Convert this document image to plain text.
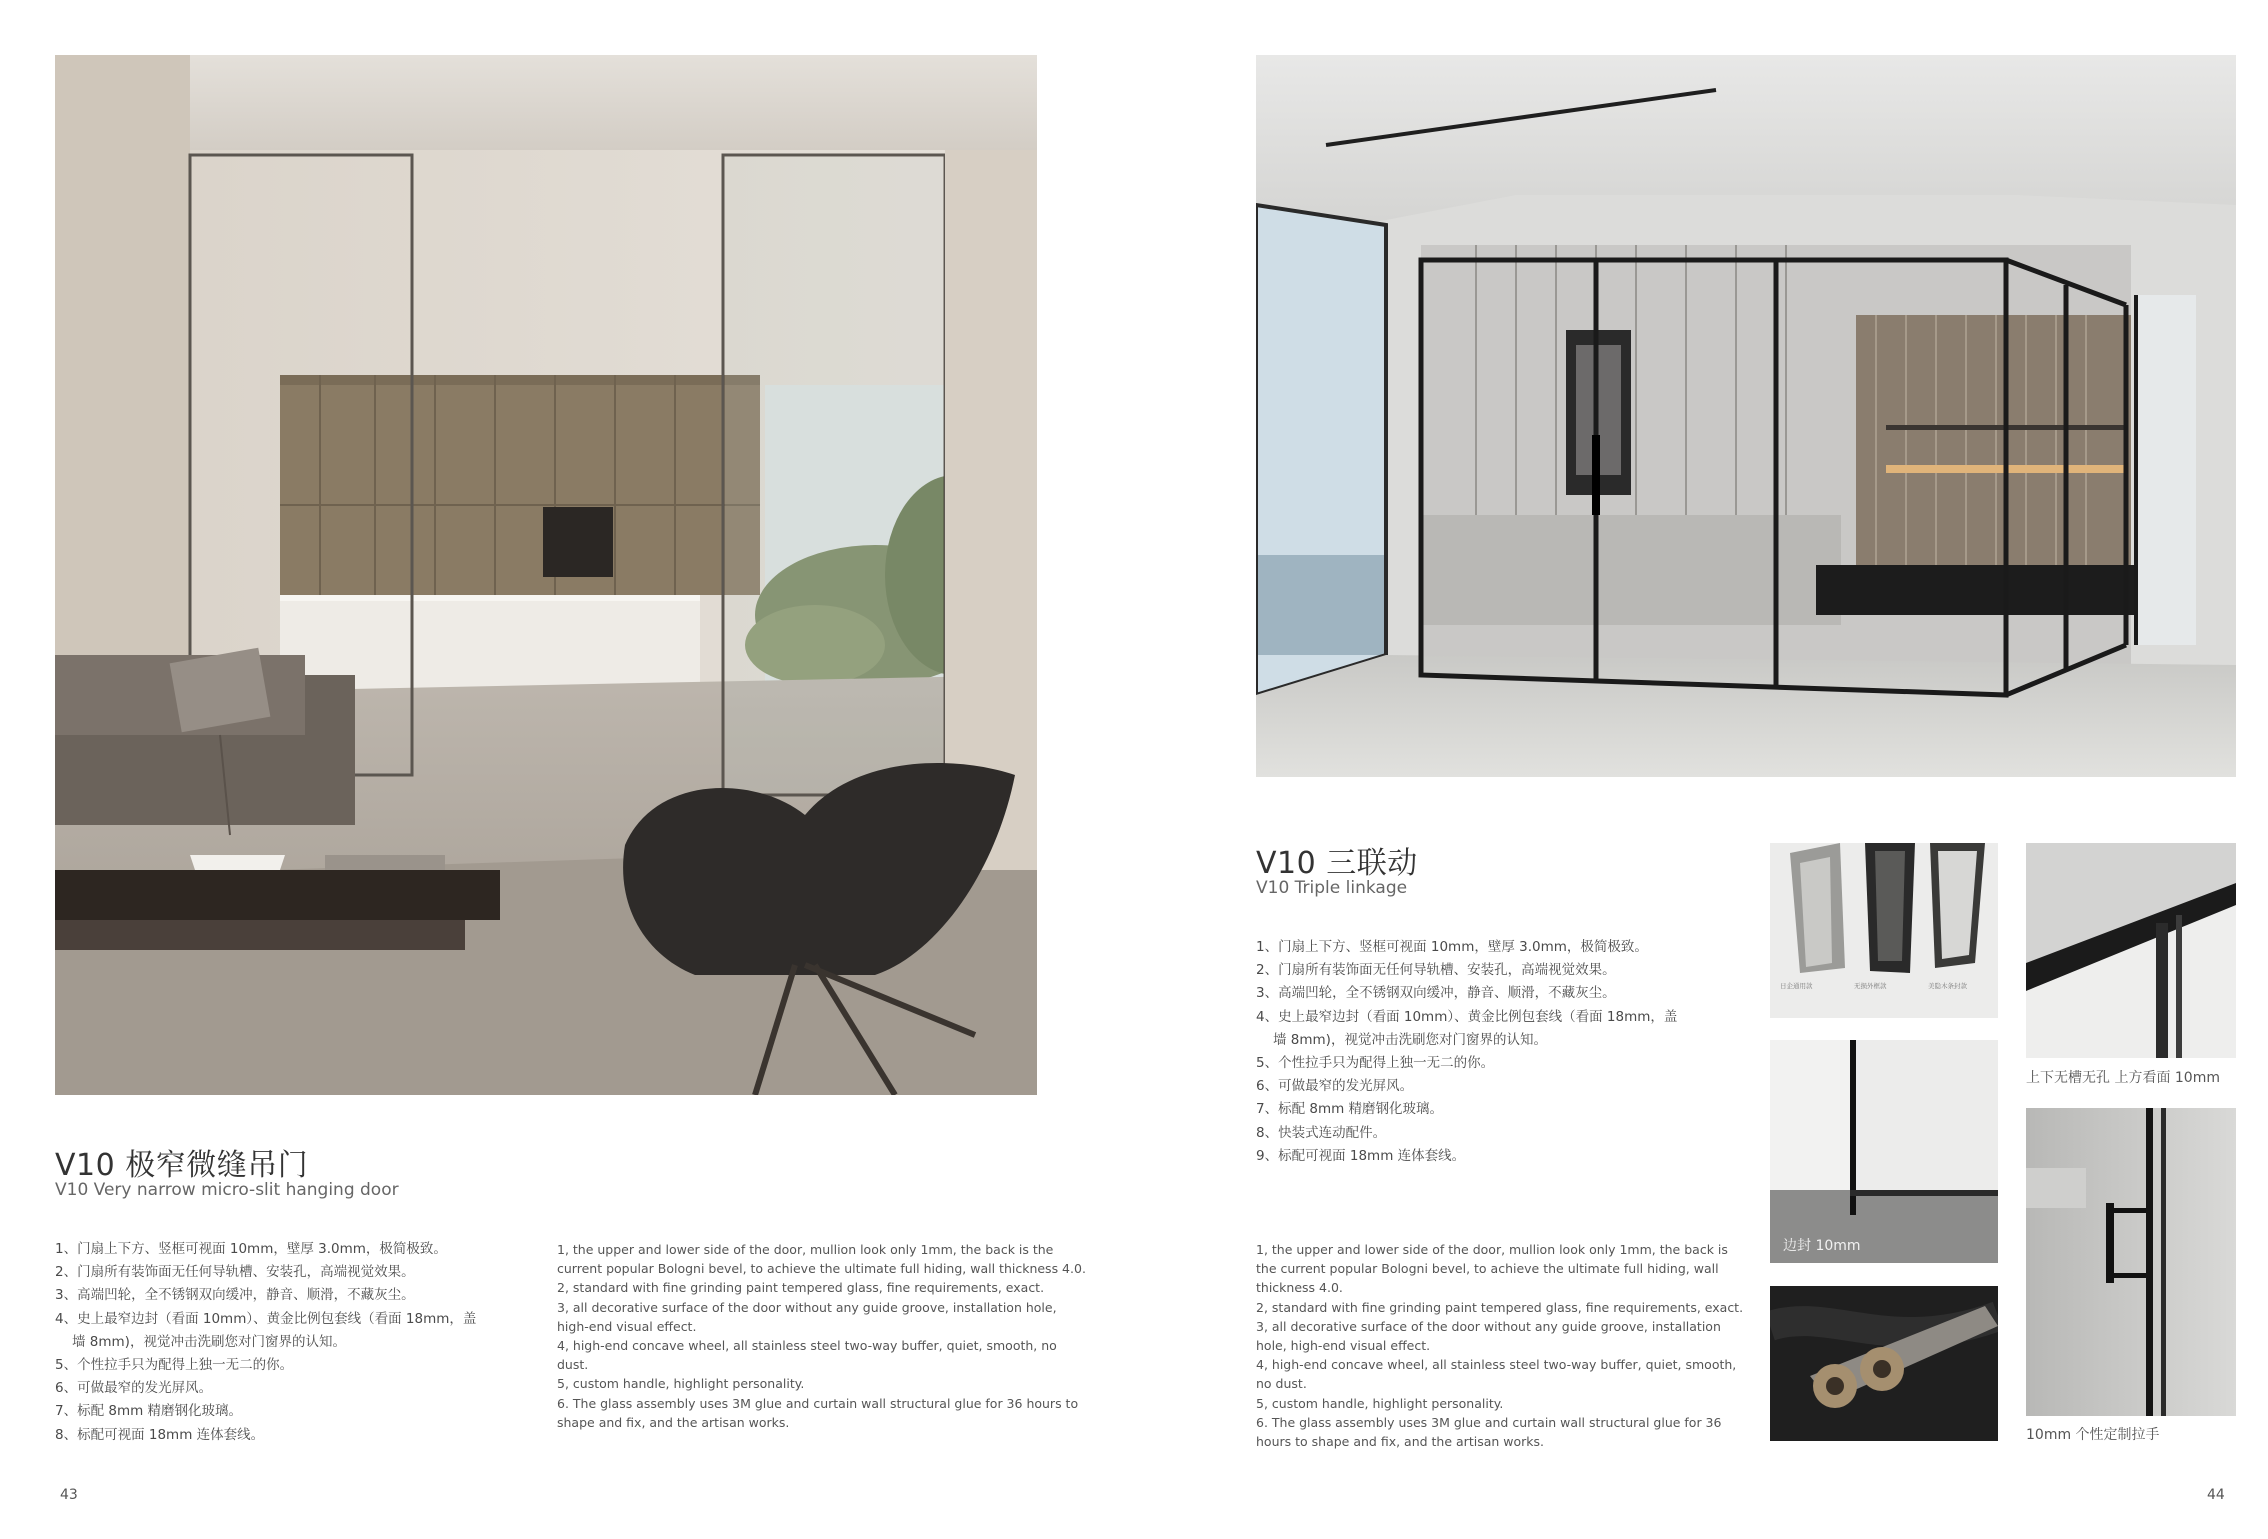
V10 极窄微缝吊门
V10 Very narrow micro-slit hanging door
1、门扇上下方、竖框可视面 10mm，壁厚 3.0mm，极简极致。
2、门扇所有装饰面无任何导轨槽、安装孔，高端视觉效果。
3、高端凹轮，全不锈钢双向缓冲，静音、顺滑，不藏灰尘。
4、史上最窄边封（看面 10mm）、黄金比例包套线（看面 18mm，盖
墙 8mm)，视觉冲击洗刷您对门窗界的认知。
5、个性拉手只为配得上独一无二的你。
6、可做最窄的发光屏风。
7、标配 8mm 精磨钢化玻璃。
8、标配可视面 18mm 连体套线。
1, the upper and lower side of the door, mullion look only 1mm, the back is the
current popular Bologni bevel, to achieve the ultimate full hiding, wall thickness 4.0.
2, standard with fine grinding paint tempered glass, fine requirements, exact.
3, all decorative surface of the door without any guide groove, installation hole,
high-end visual effect.
4, high-end concave wheel, all stainless steel two-way buffer, quiet, smooth, no
dust.
5, custom handle, highlight personality.
6. The glass assembly uses 3M glue and curtain wall structural glue for 36 hours to
shape and fix, and the artisan works.
43
V10 三联动
V10 Triple linkage
1、门扇上下方、竖框可视面 10mm，壁厚 3.0mm，极简极致。
2、门扇所有装饰面无任何导轨槽、安装孔，高端视觉效果。
3、高端凹轮，全不锈钢双向缓冲，静音、顺滑，不藏灰尘。
4、史上最窄边封（看面 10mm）、黄金比例包套线（看面 18mm，盖
墙 8mm)，视觉冲击洗刷您对门窗界的认知。
5、个性拉手只为配得上独一无二的你。
6、可做最窄的发光屏风。
7、标配 8mm 精磨钢化玻璃。
8、快装式连动配件。
9、标配可视面 18mm 连体套线。
1, the upper and lower side of the door, mullion look only 1mm, the back is
the current popular Bologni bevel, to achieve the ultimate full hiding, wall
thickness 4.0.
2, standard with fine grinding paint tempered glass, fine requirements, exact.
3, all decorative surface of the door without any guide groove, installation
hole, high-end visual effect.
4, high-end concave wheel, all stainless steel two-way buffer, quiet, smooth,
no dust.
5, custom handle, highlight personality.
6. The glass assembly uses 3M glue and curtain wall structural glue for 36
hours to shape and fix, and the artisan works.
日企通用款	无损外框款	美隐木条封款
上下无槽无孔 上方看面 10mm
边封 10mm
10mm 个性定制拉手
44
